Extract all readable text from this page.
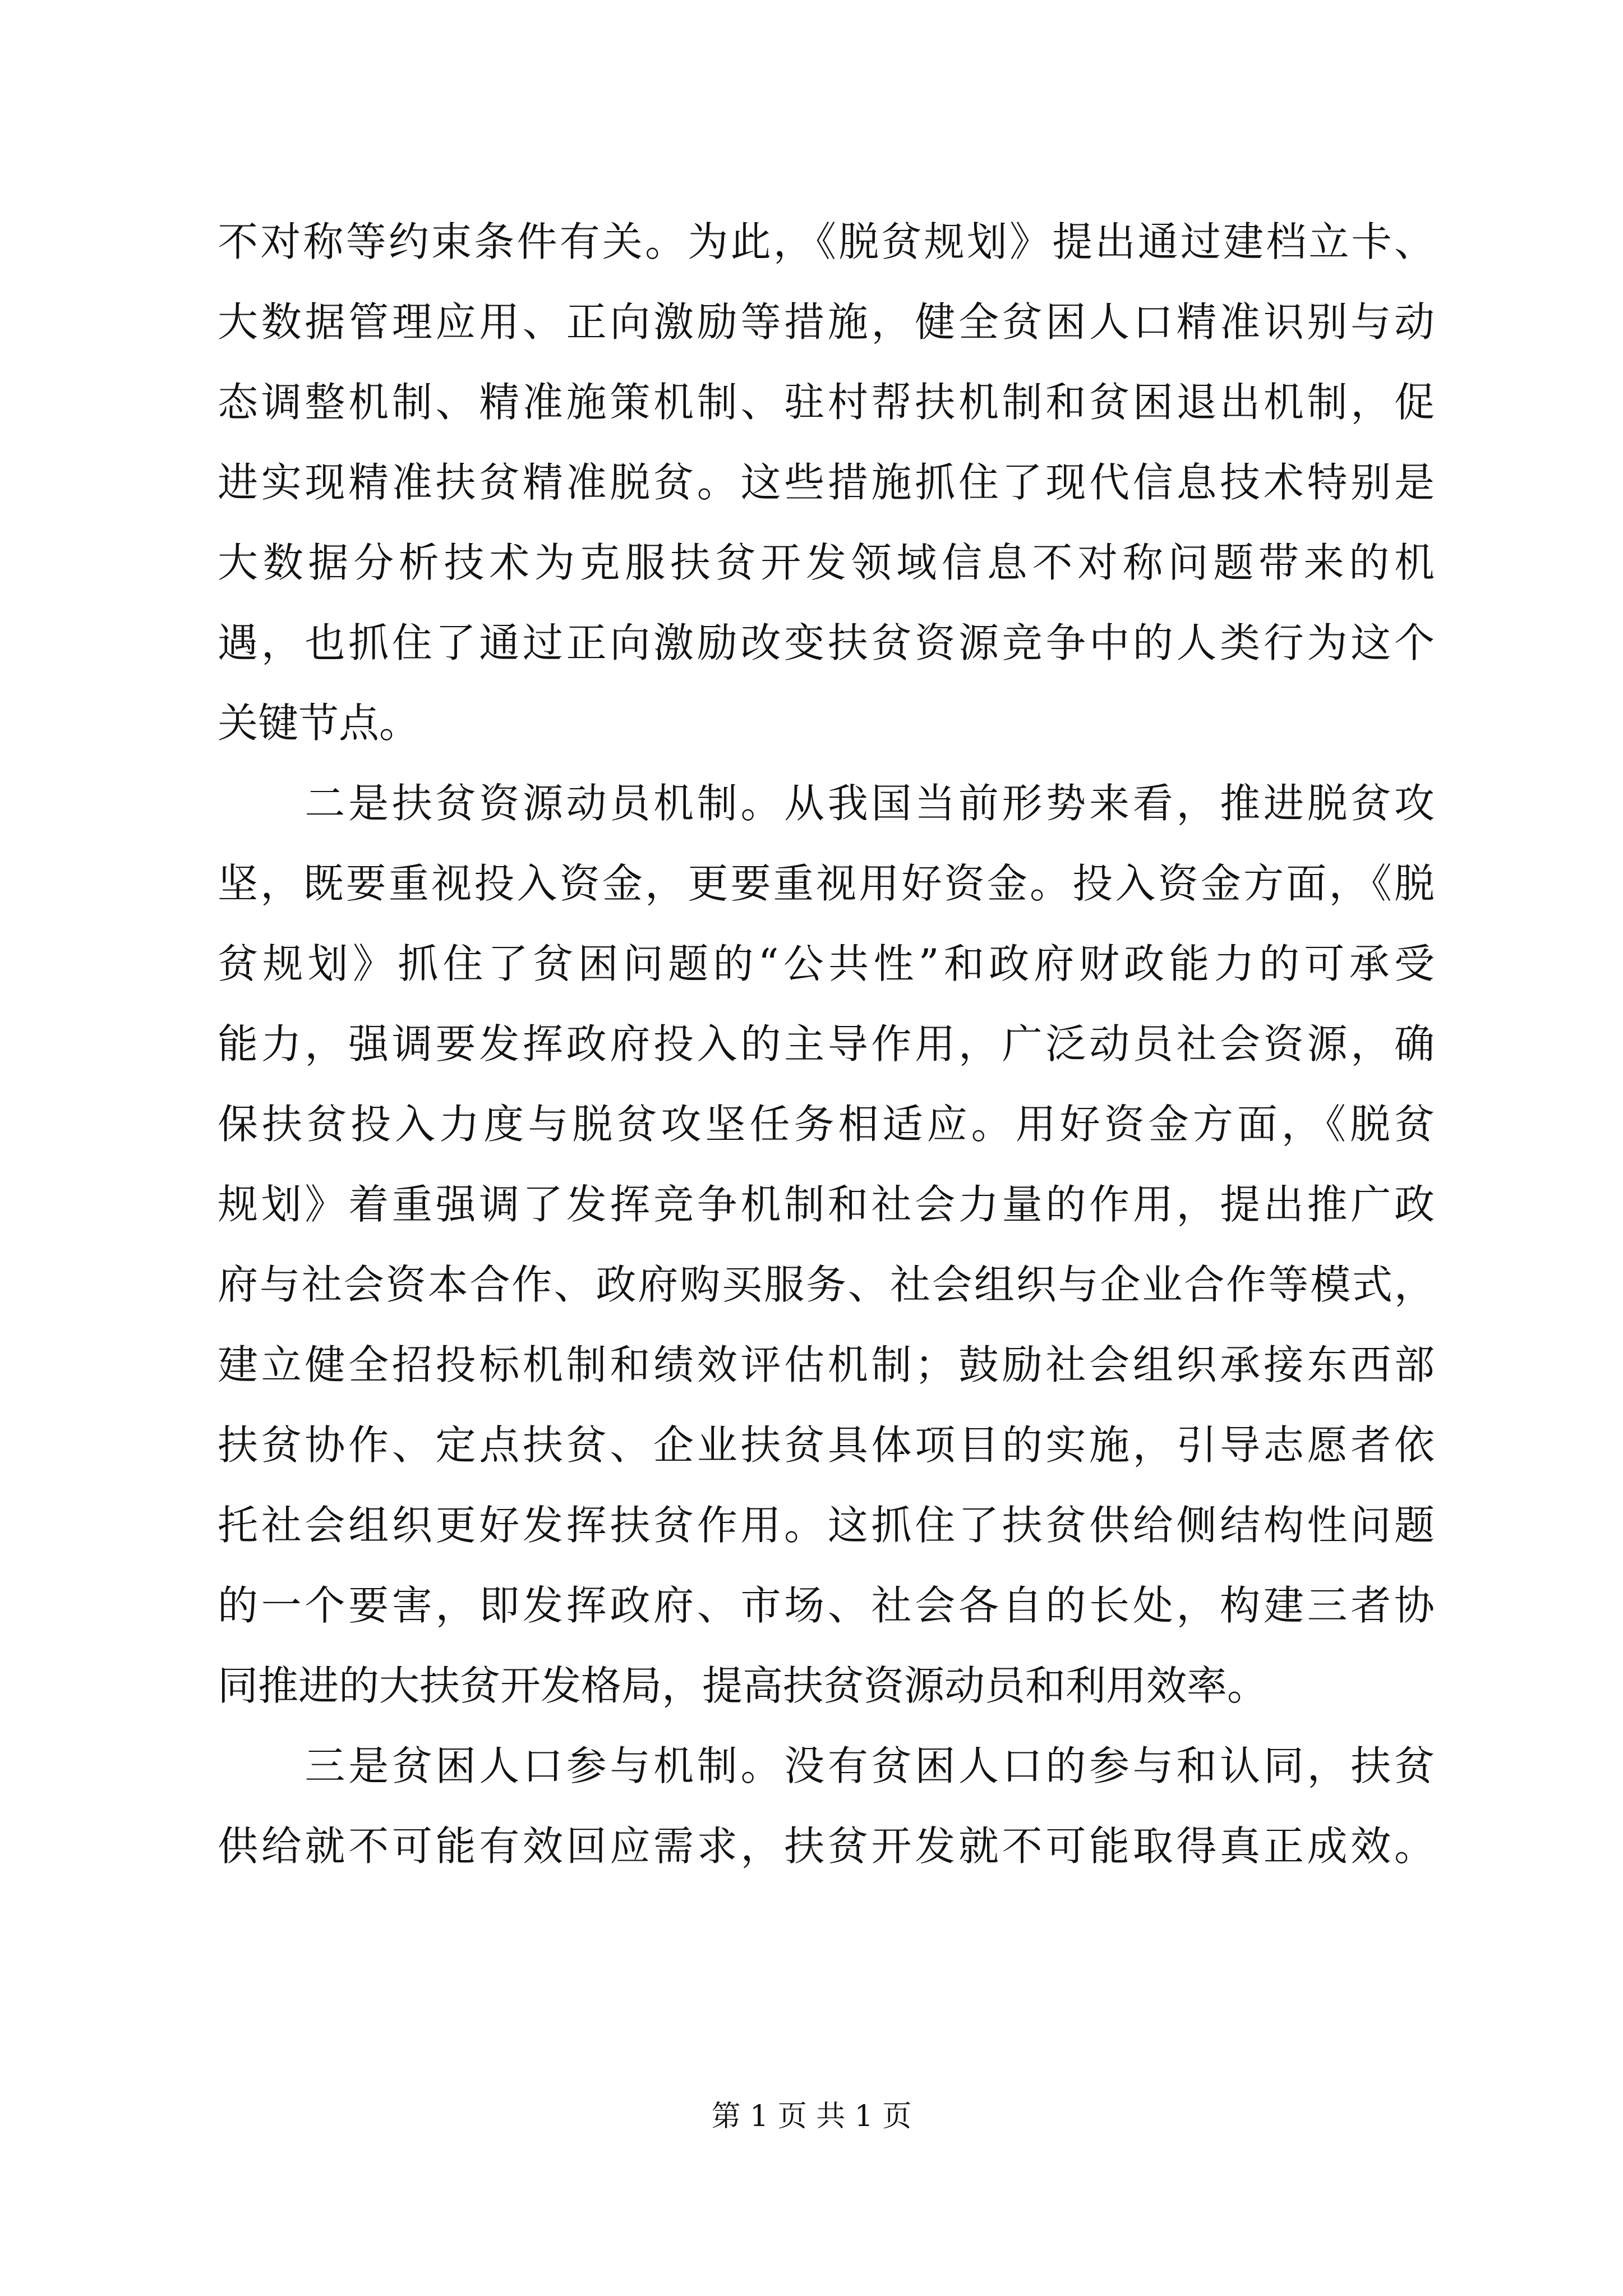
不对称等约束条件有关。为此，《脱贫规划》提出通过建档立卡、
大数据管理应用、正向激励等措施，健全贫困人口精准识别与动
态调整机制、精准施策机制、驻村帮扶机制和贫困退出机制，促
进实现精准扶贫精准脱贫。这些措施抓住了现代信息技术特别是
大数据分析技术为克服扶贫开发领域信息不对称问题带来的机
遇，也抓住了通过正向激励改变扶贫资源竞争中的人类行为这个
关键节点。
　　二是扶贫资源动员机制。从我国当前形势来看，推进脱贫攻
坚，既要重视投入资金，更要重视用好资金。投入资金方面，《脱
贫规划》抓住了贫困问题的“公共性”和政府财政能力的可承受
能力，强调要发挥政府投入的主导作用，广泛动员社会资源，确
保扶贫投入力度与脱贫攻坚任务相适应。用好资金方面，《脱贫
规划》着重强调了发挥竞争机制和社会力量的作用，提出推广政
府与社会资本合作、政府购买服务、社会组织与企业合作等模式，
建立健全招投标机制和绩效评估机制；鼓励社会组织承接东西部
扶贫协作、定点扶贫、企业扶贫具体项目的实施，引导志愿者依
托社会组织更好发挥扶贫作用。这抓住了扶贫供给侧结构性问题
的一个要害，即发挥政府、市场、社会各自的长处，构建三者协
同推进的大扶贫开发格局，提高扶贫资源动员和利用效率。
　　三是贫困人口参与机制。没有贫困人口的参与和认同，扶贫
供给就不可能有效回应需求，扶贫开发就不可能取得真正成效。
第 1 页 共 1 页
